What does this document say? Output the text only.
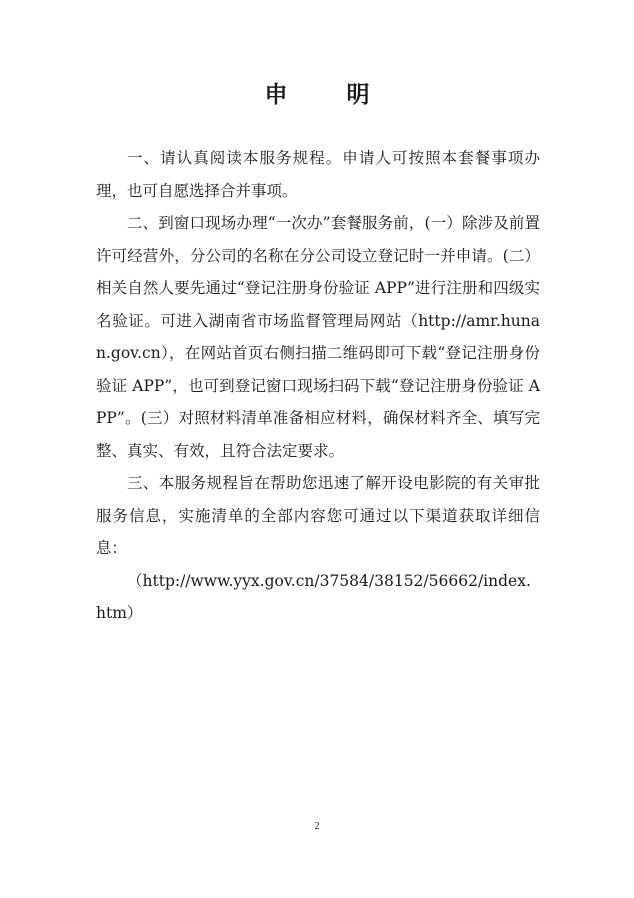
申　明

一、请认真阅读本服务规程。申请人可按照本套餐事项办理，也可自愿选择合并事项。

二、到窗口现场办理“一次办”套餐服务前，(一）除涉及前置许可经营外，分公司的名称在分公司设立登记时一并申请。(二）相关自然人要先通过“登记注册身份验证 APP”进行注册和四级实名验证。可进入湖南省市场监督管理局网站（http://amr.hunan.gov.cn），在网站首页右侧扫描二维码即可下载“登记注册身份验证 APP”，也可到登记窗口现场扫码下载“登记注册身份验证 APP”。(三）对照材料清单准备相应材料，确保材料齐全、填写完整、真实、有效，且符合法定要求。

三、本服务规程旨在帮助您迅速了解开设电影院的有关审批服务信息，实施清单的全部内容您可通过以下渠道获取详细信息：

（http://www.yyx.gov.cn/37584/38152/56662/index.htm）

2
